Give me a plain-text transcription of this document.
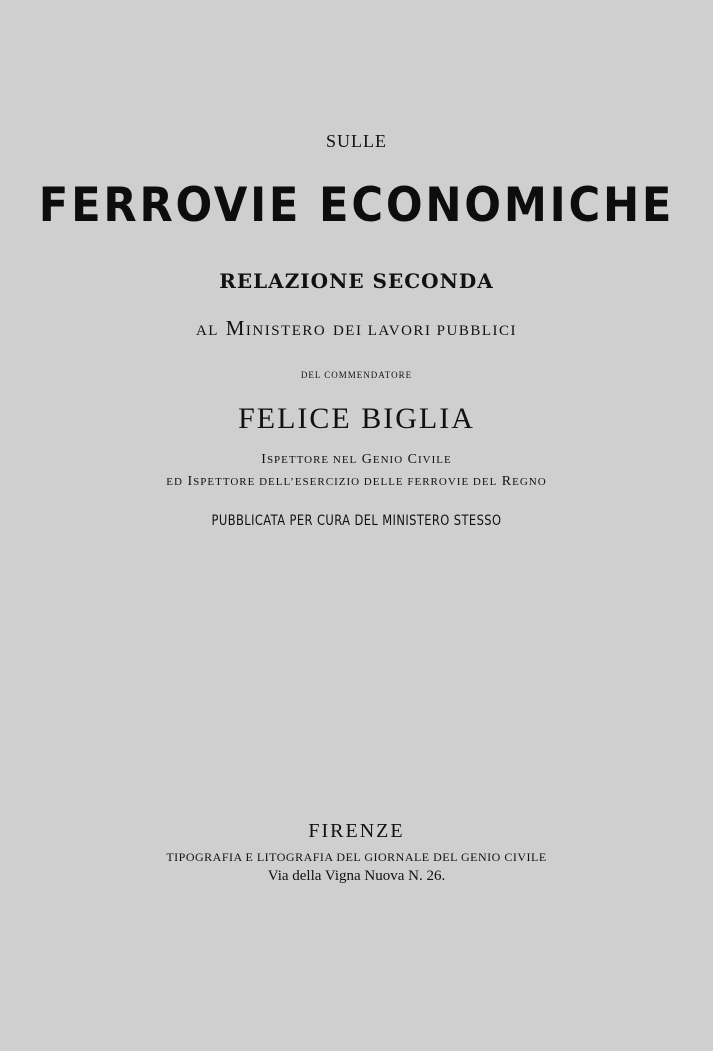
SULLE
FERROVIE ECONOMICHE
RELAZIONE SECONDA
AL MINISTERO DEI LAVORI PUBBLICI
DEL COMMENDATORE
FELICE BIGLIA
ISPETTORE NEL GENIO CIVILE
ED ISPETTORE DELL’ESERCIZIO DELLE FERROVIE DEL REGNO
PUBBLICATA PER CURA DEL MINISTERO STESSO
FIRENZE
TIPOGRAFIA E LITOGRAFIA DEL GIORNALE DEL GENIO CIVILE
Via della Vigna Nuova N. 26.
